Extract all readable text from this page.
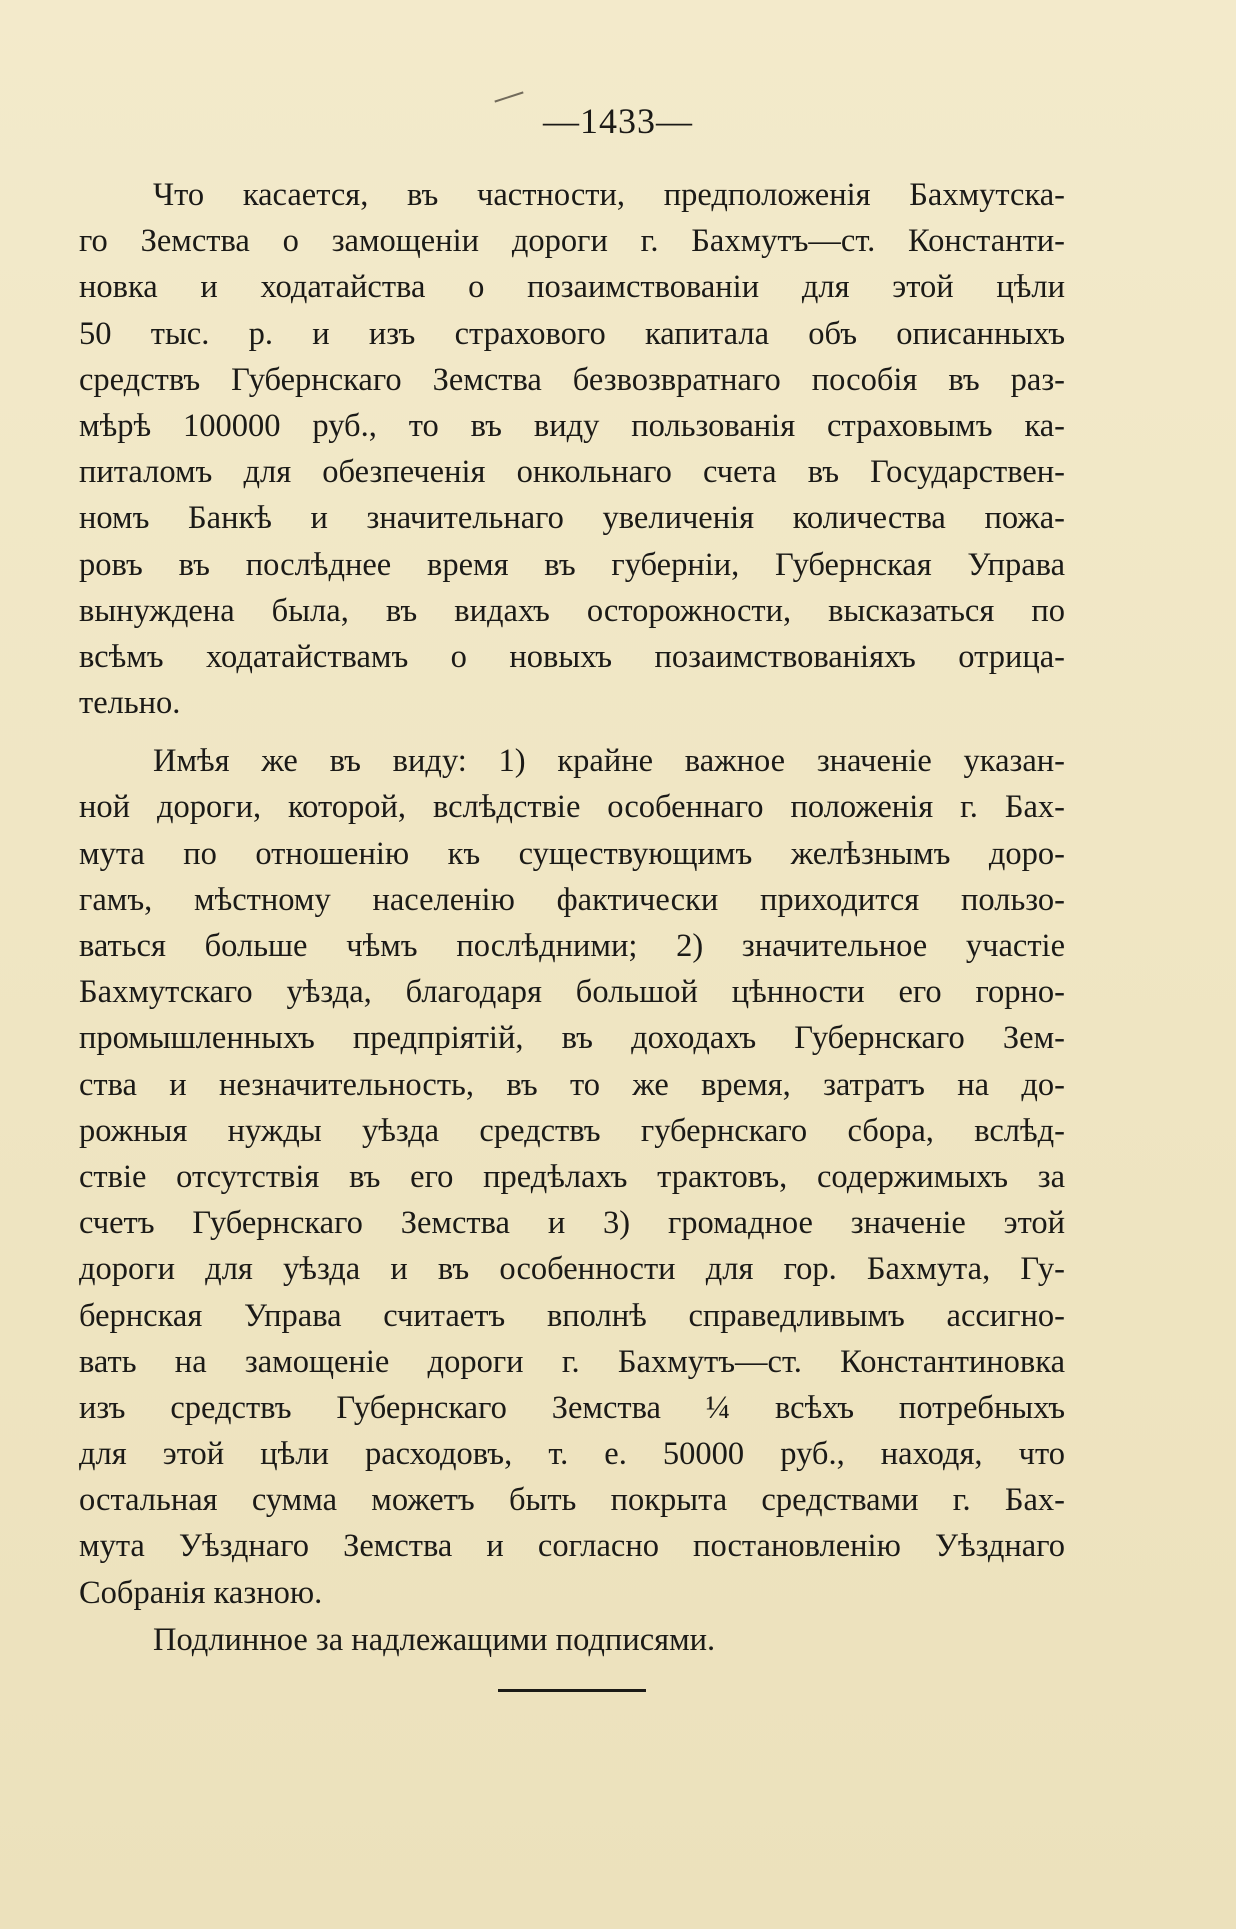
—1433—
Что касается, въ частности, предположенія Бахмутска-
го Земства о замощеніи дороги г. Бахмутъ—ст. Константи-
новка и ходатайства о позаимствованіи для этой цѣли
50 тыс. р. и изъ страхового капитала объ описанныхъ
средствъ Губернскаго Земства безвозвратнаго пособія въ раз-
мѣрѣ 100000 руб., то въ виду пользованія страховымъ ка-
питаломъ для обезпеченія онкольнаго счета въ Государствен-
номъ Банкѣ и значительнаго увеличенія количества пожа-
ровъ въ послѣднее время въ губерніи, Губернская Управа
вынуждена была, въ видахъ осторожности, высказаться по
всѣмъ ходатайствамъ о новыхъ позаимствованіяхъ отрица-
тельно.
Имѣя же въ виду: 1) крайне важное значеніе указан-
ной дороги, которой, вслѣдствіе особеннаго положенія г. Бах-
мута по отношенію къ существующимъ желѣзнымъ доро-
гамъ, мѣстному населенію фактически приходится пользо-
ваться больше чѣмъ послѣдними; 2) значительное участіе
Бахмутскаго уѣзда, благодаря большой цѣнности его горно-
промышленныхъ предпріятій, въ доходахъ Губернскаго Зем-
ства и незначительность, въ то же время, затратъ на до-
рожныя нужды уѣзда средствъ губернскаго сбора, вслѣд-
ствіе отсутствія въ его предѣлахъ трактовъ, содержимыхъ за
счетъ Губернскаго Земства и 3) громадное значеніе этой
дороги для уѣзда и въ особенности для гор. Бахмута, Гу-
бернская Управа считаетъ вполнѣ справедливымъ ассигно-
вать на замощеніе дороги г. Бахмутъ—ст. Константиновка
изъ средствъ Губернскаго Земства ¼ всѣхъ потребныхъ
для этой цѣли расходовъ, т. е. 50000 руб., находя, что
остальная сумма можетъ быть покрыта средствами г. Бах-
мута Уѣзднаго Земства и согласно постановленію Уѣзднаго
Собранія казною.
Подлинное за надлежащими подписями.
